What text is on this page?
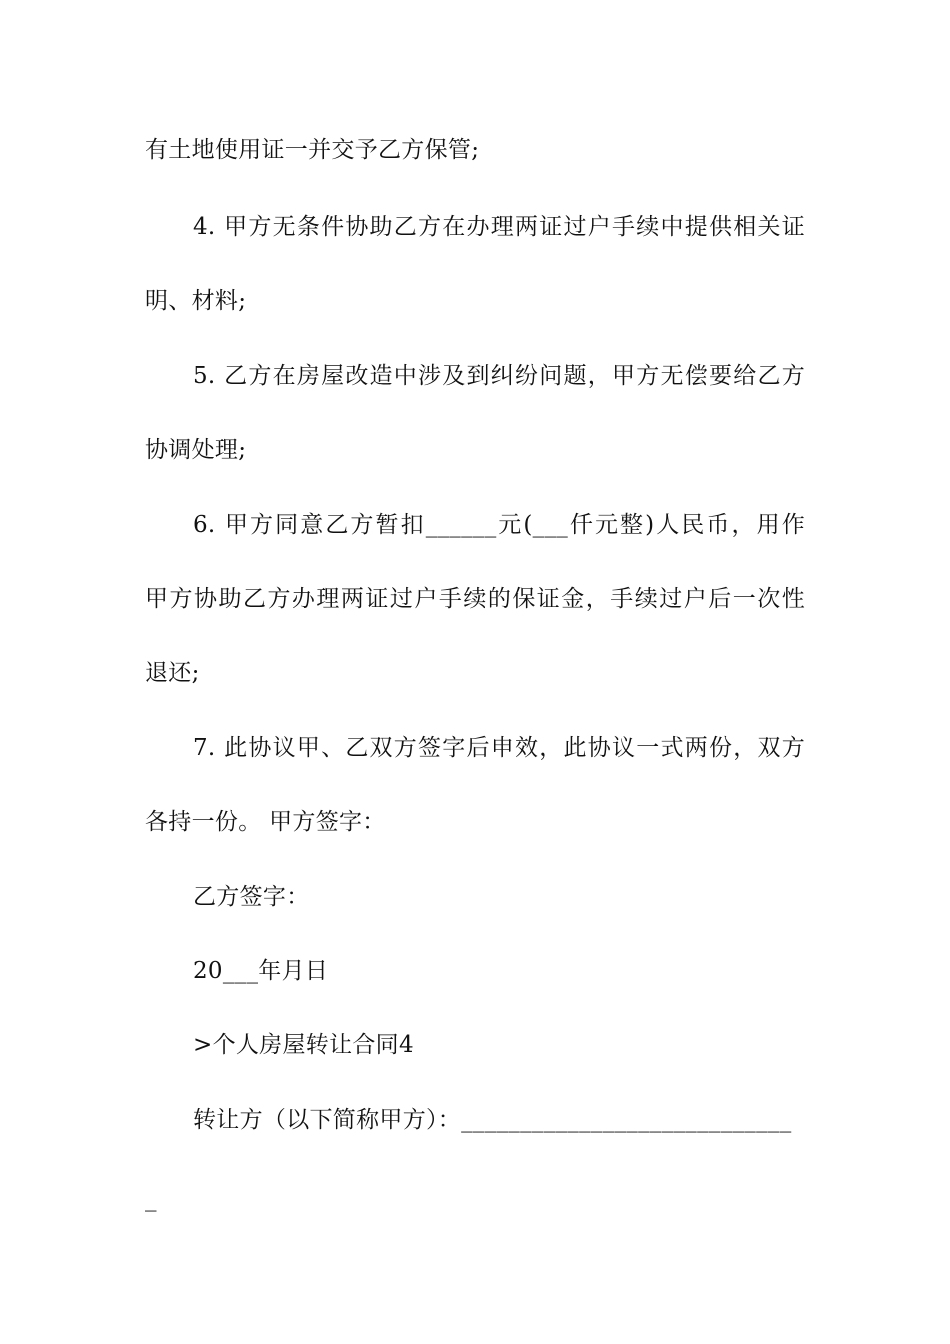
有土地使用证一并交予乙方保管;
4. 甲方无条件协助乙方在办理两证过户手续中提供相关证
明、材料;
5. 乙方在房屋改造中涉及到纠纷问题，甲方无偿要给乙方
协调处理;
6. 甲方同意乙方暂扣______元(___仟元整)人民币，用作
甲方协助乙方办理两证过户手续的保证金，手续过户后一次性
退还;
7. 此协议甲、乙双方签字后申效，此协议一式两份，双方
各持一份。 甲方签字：
乙方签字：
20___年月日
>个人房屋转让合同4
转让方（以下简称甲方）：____________________________
_
